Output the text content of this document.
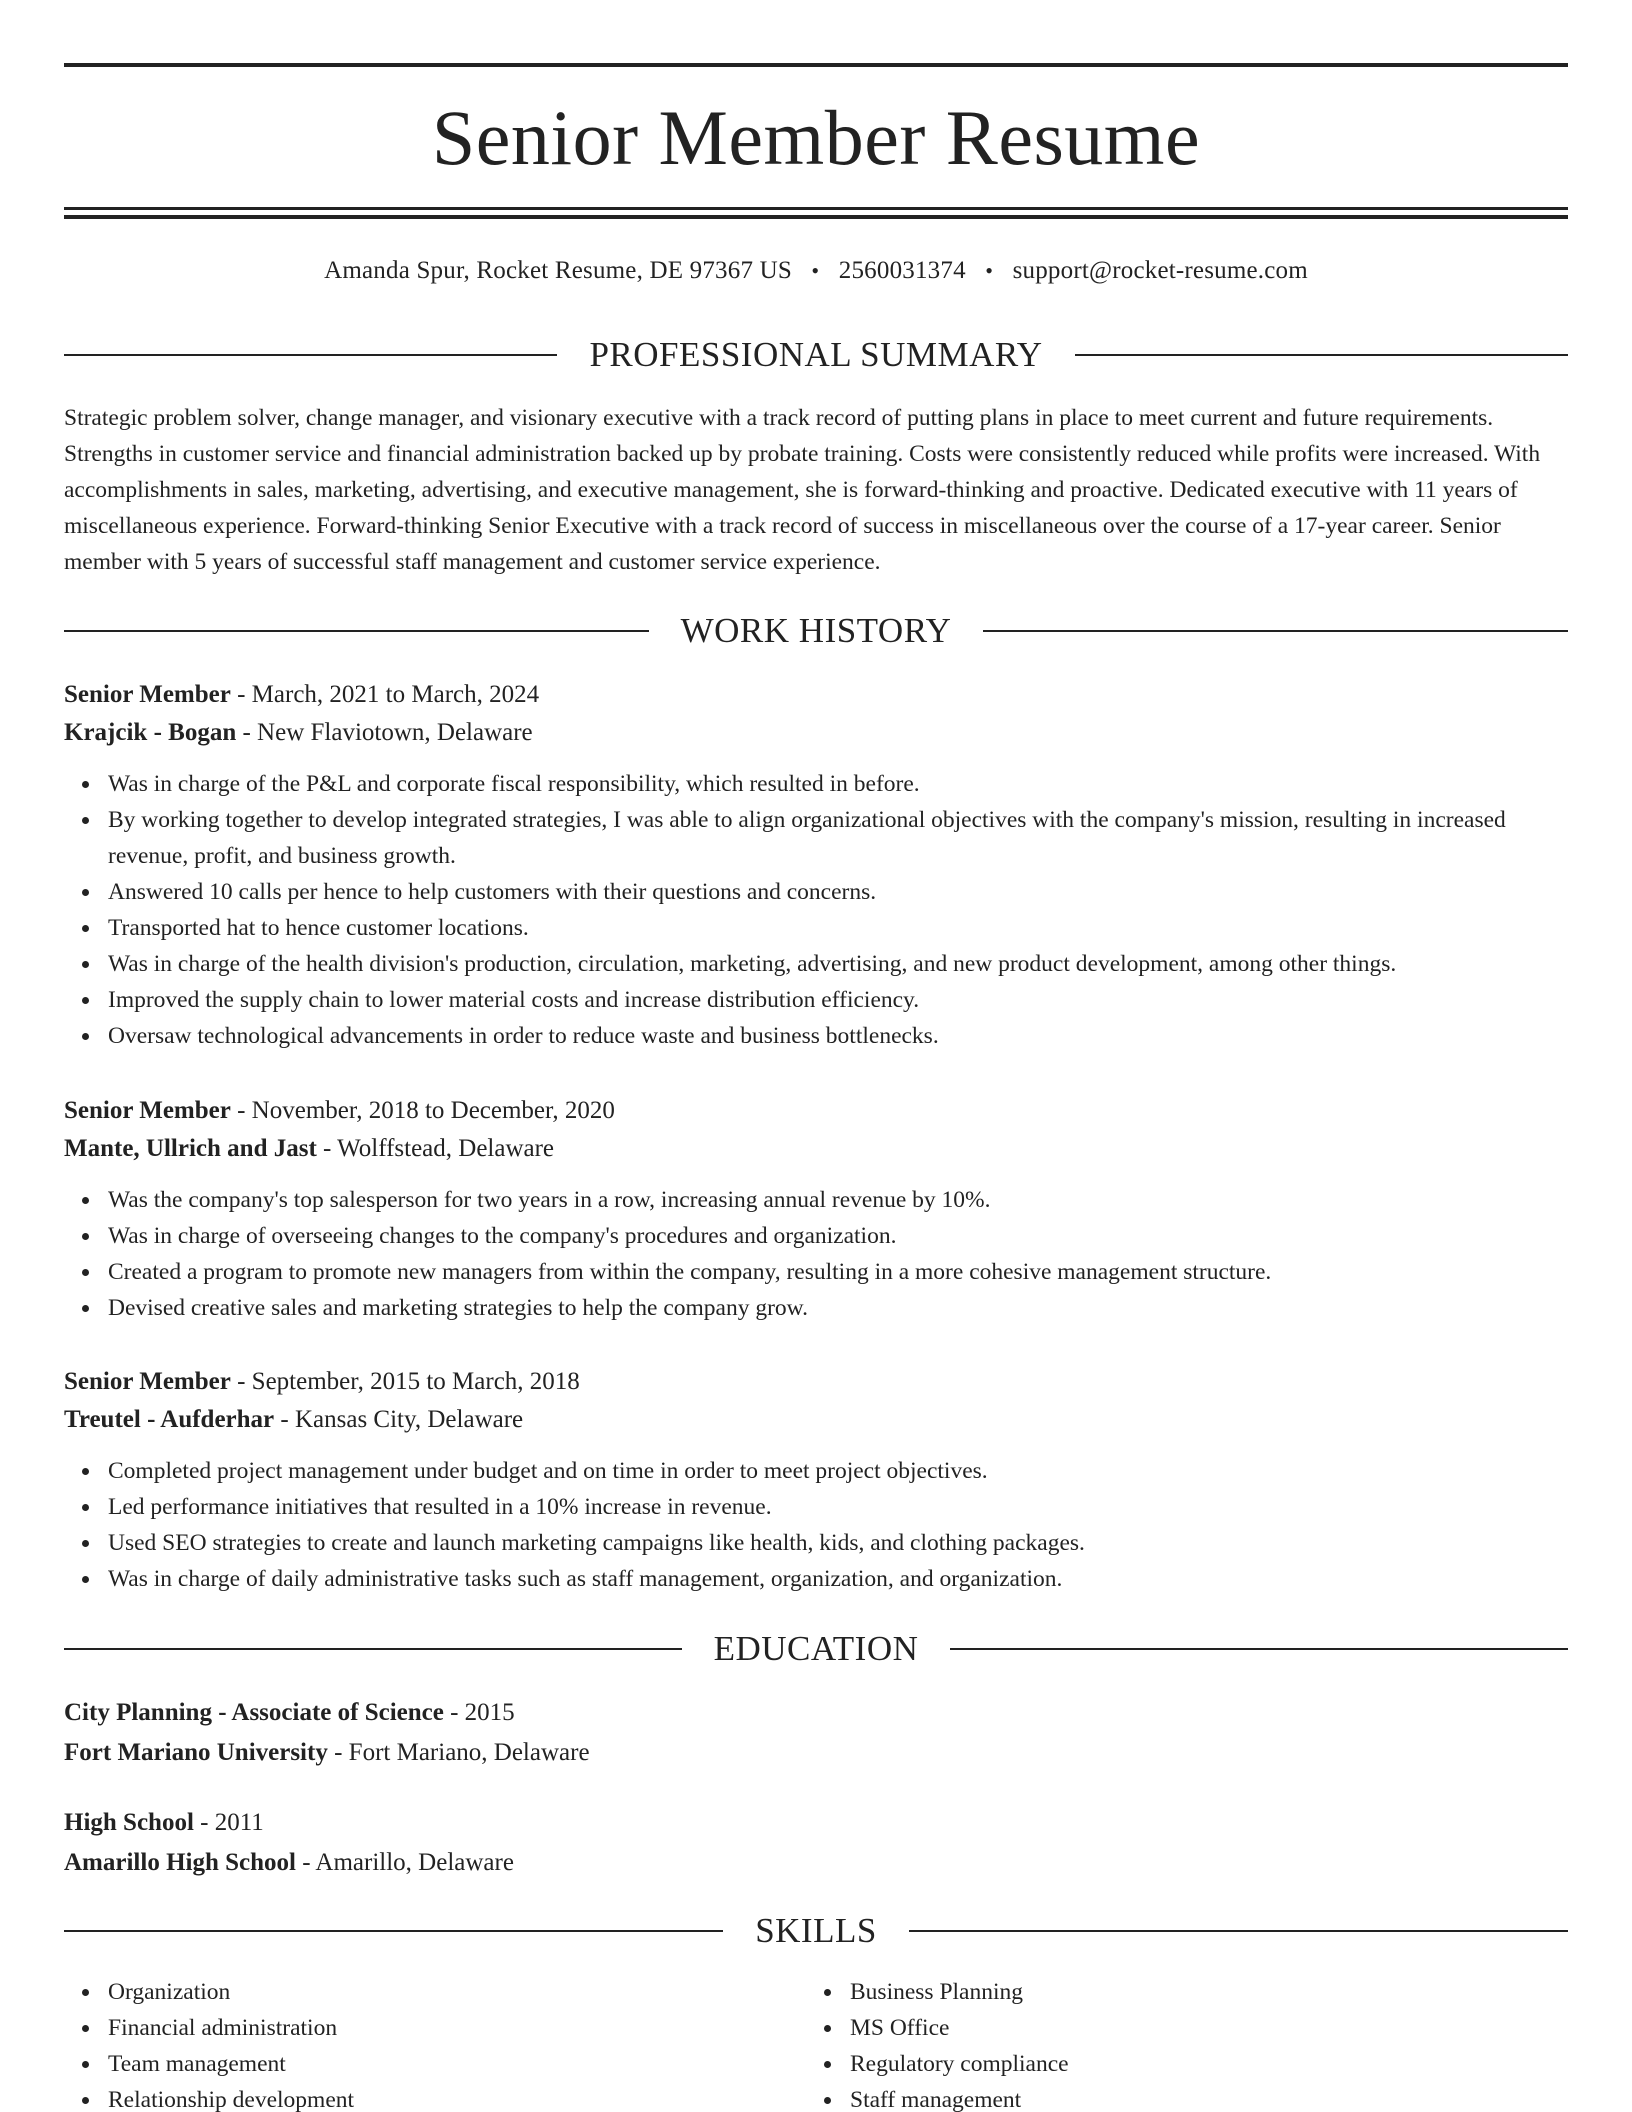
Senior Member Resume
Amanda Spur, Rocket Resume, DE 97367 US • 2560031374 • support@rocket-resume.com
PROFESSIONAL SUMMARY

Strategic problem solver, change manager, and visionary executive with a track record of putting plans in place to meet current and future requirements. Strengths in customer service and financial administration backed up by probate training. Costs were consistently reduced while profits were increased. With accomplishments in sales, marketing, advertising, and executive management, she is forward-thinking and proactive. Dedicated executive with 11 years of miscellaneous experience. Forward-thinking Senior Executive with a track record of success in miscellaneous over the course of a 17-year career. Senior member with 5 years of successful staff management and customer service experience.

WORK HISTORY
Senior Member - March, 2021 to March, 2024
Krajcik - Bogan - New Flaviotown, Delaware
Was in charge of the P&L and corporate fiscal responsibility, which resulted in before.
By working together to develop integrated strategies, I was able to align organizational objectives with the company's mission, resulting in increased revenue, profit, and business growth.
Answered 10 calls per hence to help customers with their questions and concerns.
Transported hat to hence customer locations.
Was in charge of the health division's production, circulation, marketing, advertising, and new product development, among other things.
Improved the supply chain to lower material costs and increase distribution efficiency.
Oversaw technological advancements in order to reduce waste and business bottlenecks.
Senior Member - November, 2018 to December, 2020
Mante, Ullrich and Jast - Wolffstead, Delaware
Was the company's top salesperson for two years in a row, increasing annual revenue by 10%.
Was in charge of overseeing changes to the company's procedures and organization.
Created a program to promote new managers from within the company, resulting in a more cohesive management structure.
Devised creative sales and marketing strategies to help the company grow.
Senior Member - September, 2015 to March, 2018
Treutel - Aufderhar - Kansas City, Delaware
Completed project management under budget and on time in order to meet project objectives.
Led performance initiatives that resulted in a 10% increase in revenue.
Used SEO strategies to create and launch marketing campaigns like health, kids, and clothing packages.
Was in charge of daily administrative tasks such as staff management, organization, and organization.
EDUCATION
City Planning - Associate of Science - 2015
Fort Mariano University - Fort Mariano, Delaware
High School - 2011
Amarillo High School - Amarillo, Delaware
SKILLS
Organization
Financial administration
Team management
Relationship development
Business Planning
MS Office
Regulatory compliance
Staff management
